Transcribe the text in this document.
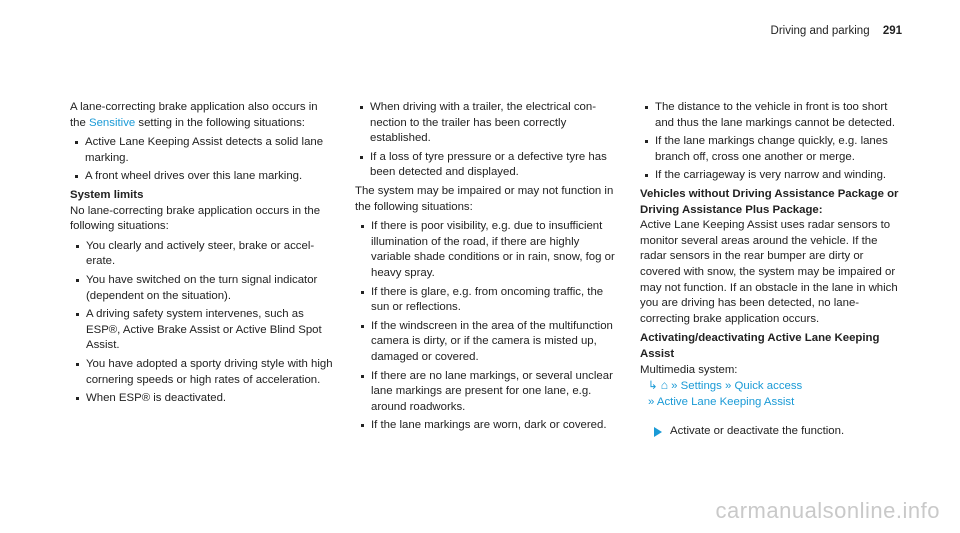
Driving and parking 291

A lane-correcting brake application also occurs in the Sensitive setting in the following situations:

Active Lane Keeping Assist detects a solid lane marking.
A front wheel drives over this lane marking.

System limits

No lane-correcting brake application occurs in the following situations:

You clearly and actively steer, brake or accelerate.
You have switched on the turn signal indicator (dependent on the situation).
A driving safety system intervenes, such as ESP®, Active Brake Assist or Active Blind Spot Assist.
You have adopted a sporty driving style with high cornering speeds or high rates of acceleration.
When ESP® is deactivated.
When driving with a trailer, the electrical connection to the trailer has been correctly established.
If a loss of tyre pressure or a defective tyre has been detected and displayed.

The system may be impaired or may not function in the following situations:

If there is poor visibility, e.g. due to insufficient illumination of the road, if there are highly variable shade conditions or in rain, snow, fog or heavy spray.
If there is glare, e.g. from oncoming traffic, the sun or reflections.
If the windscreen in the area of the multifunction camera is dirty, or if the camera is misted up, damaged or covered.
If there are no lane markings, or several unclear lane markings are present for one lane, e.g. around roadworks.
If the lane markings are worn, dark or covered.
The distance to the vehicle in front is too short and thus the lane markings cannot be detected.
If the lane markings change quickly, e.g. lanes branch off, cross one another or merge.
If the carriageway is very narrow and winding.

Vehicles without Driving Assistance Package or Driving Assistance Plus Package:

Active Lane Keeping Assist uses radar sensors to monitor several areas around the vehicle. If the radar sensors in the rear bumper are dirty or covered with snow, the system may be impaired or may not function. If an obstacle in the lane in which you are driving has been detected, no lane-correcting brake application occurs.

Activating/deactivating Active Lane Keeping Assist

Multimedia system:

↳ ⌂ » Settings » Quick access
» Active Lane Keeping Assist
Activate or deactivate the function.
carmanualsonline.info
